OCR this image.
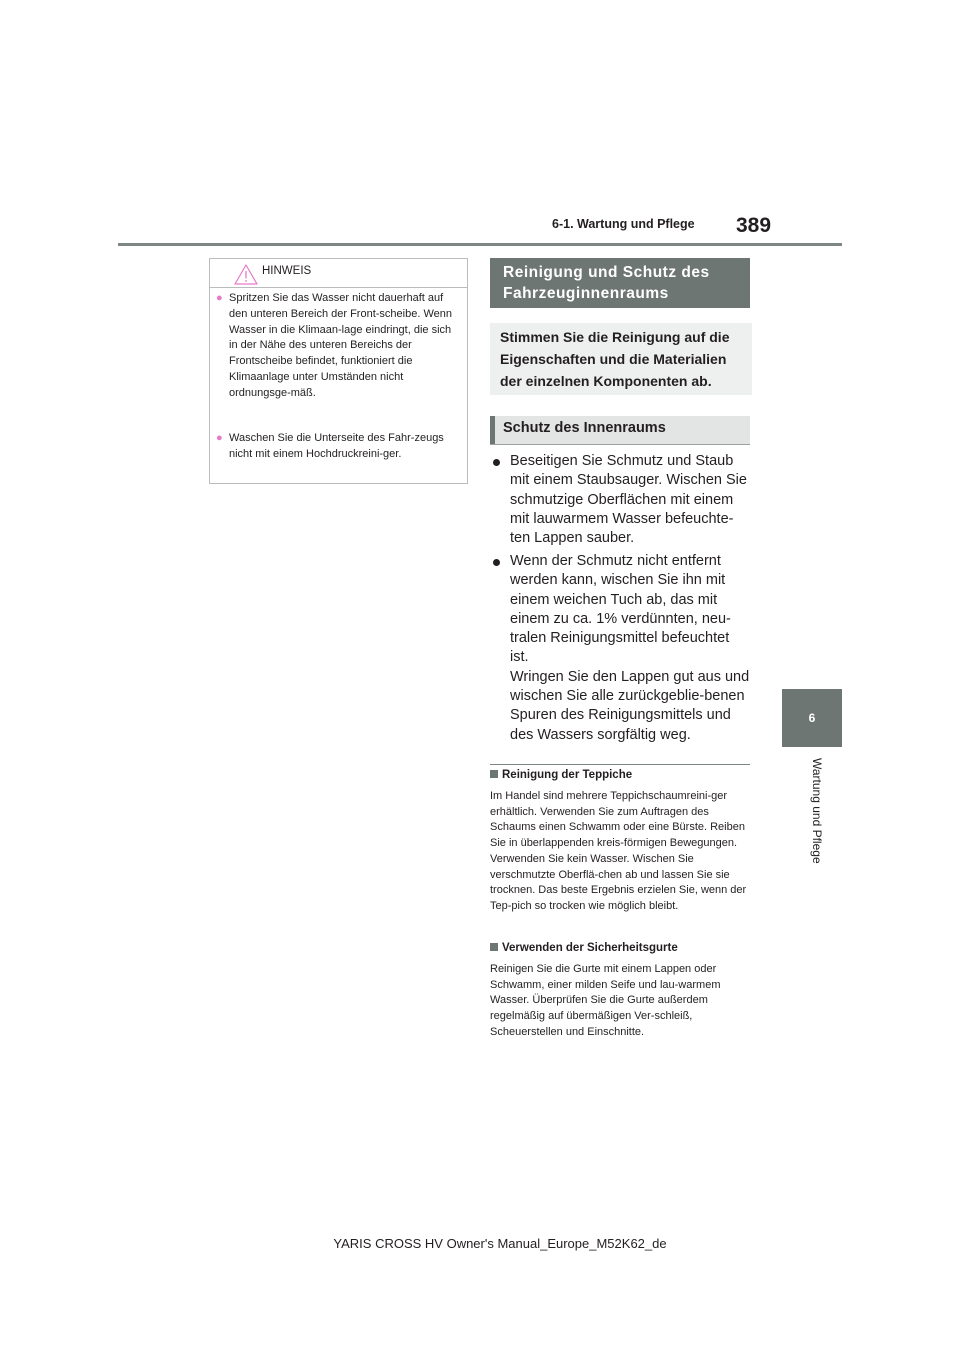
6-1. Wartung und Pflege 389
6
Wartung und Pflege
HINWEIS
● Spritzen Sie das Wasser nicht dauerhaft auf den unteren Bereich der Front-scheibe. Wenn Wasser in die Klimaan-lage eindringt, die sich in der Nähe des unteren Bereichs der Frontscheibe befindet, funktioniert die Klimaanlage unter Umständen nicht ordnungsge-mäß.
● Waschen Sie die Unterseite des Fahr-zeugs nicht mit einem Hochdruckreini-ger.
Reinigung und Schutz des Fahrzeuginnenraums
Stimmen Sie die Reinigung auf die Eigenschaften und die Materialien der einzelnen Komponenten ab.
Schutz des Innenraums
Beseitigen Sie Schmutz und Staub mit einem Staubsauger. Wischen Sie schmutzige Oberflächen mit einem mit lauwarmem Wasser befeuchte-ten Lappen sauber.
Wenn der Schmutz nicht entfernt werden kann, wischen Sie ihn mit einem weichen Tuch ab, das mit einem zu ca. 1% verdünnten, neu-tralen Reinigungsmittel befeuchtet ist.
Wringen Sie den Lappen gut aus und wischen Sie alle zurückgeblie-benen Spuren des Reinigungsmittels und des Wassers sorgfältig weg.
Reinigung der Teppiche
Im Handel sind mehrere Teppichschaumreini-ger erhältlich. Verwenden Sie zum Auftragen des Schaums einen Schwamm oder eine Bürste. Reiben Sie in überlappenden kreis-förmigen Bewegungen. Verwenden Sie kein Wasser. Wischen Sie verschmutzte Oberflä-chen ab und lassen Sie sie trocknen. Das beste Ergebnis erzielen Sie, wenn der Tep-pich so trocken wie möglich bleibt.
Verwenden der Sicherheitsgurte
Reinigen Sie die Gurte mit einem Lappen oder Schwamm, einer milden Seife und lau-warmem Wasser. Überprüfen Sie die Gurte außerdem regelmäßig auf übermäßigen Ver-schleiß, Scheuerstellen und Einschnitte.
YARIS CROSS HV Owner's Manual_Europe_M52K62_de
